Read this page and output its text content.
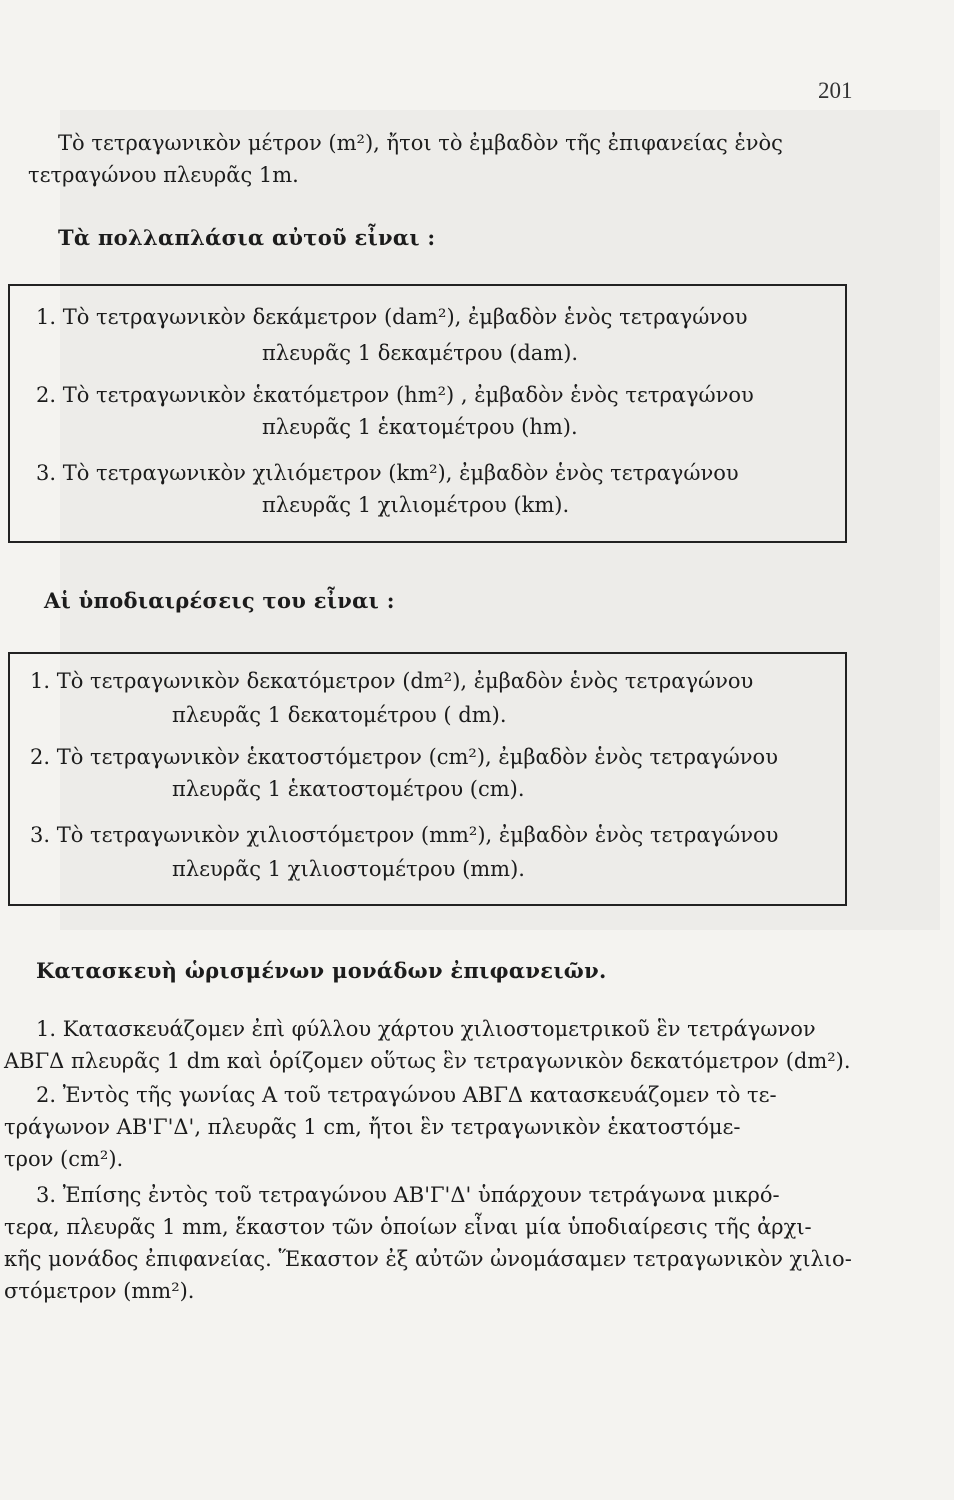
201
Τὸ τετραγωνικὸν μέτρον (m²), ἤτοι τὸ ἐμβαδὸν τῆς ἐπιφανείας ἑνὸς
τετραγώνου πλευρᾶς 1m.
Τὰ πολλαπλάσια αὐτοῦ εἶναι :
1. Τὸ τετραγωνικὸν δεκάμετρον (dam²), ἐμβαδὸν ἑνὸς τετραγώνου
πλευρᾶς 1 δεκαμέτρου (dam).
2. Τὸ τετραγωνικὸν ἑκατόμετρον (hm²) , ἐμβαδὸν ἑνὸς τετραγώνου
πλευρᾶς 1 ἑκατομέτρου (hm).
3. Τὸ τετραγωνικὸν χιλιόμετρον (km²), ἐμβαδὸν ἑνὸς τετραγώνου
πλευρᾶς 1 χιλιομέτρου (km).
Αἱ ὑποδιαιρέσεις του εἶναι :
1. Τὸ τετραγωνικὸν δεκατόμετρον (dm²), ἐμβαδὸν ἑνὸς τετραγώνου
πλευρᾶς 1 δεκατομέτρου ( dm).
2. Τὸ τετραγωνικὸν ἑκατοστόμετρον (cm²), ἐμβαδὸν ἑνὸς τετραγώνου
πλευρᾶς 1 ἑκατοστομέτρου (cm).
3. Τὸ τετραγωνικὸν χιλιοστόμετρον (mm²), ἐμβαδὸν ἑνὸς τετραγώνου
πλευρᾶς 1 χιλιοστομέτρου (mm).
Κατασκευὴ ὡρισμένων μονάδων ἐπιφανειῶν.
1. Κατασκευάζομεν ἐπὶ φύλλου χάρτου χιλιοστομετρικοῦ ἓν τετράγωνον
ΑΒΓΔ πλευρᾶς 1 dm καὶ ὁρίζομεν οὕτως ἓν τετραγωνικὸν δεκατόμετρον (dm²).
2. Ἐντὸς τῆς γωνίας Α τοῦ τετραγώνου ΑΒΓΔ κατασκευάζομεν τὸ τε-
τράγωνον ΑΒ'Γ'Δ', πλευρᾶς 1 cm, ἤτοι ἓν τετραγωνικὸν ἑκατοστόμε-
τρον (cm²).
3. Ἐπίσης ἐντὸς τοῦ τετραγώνου ΑΒ'Γ'Δ' ὑπάρχουν τετράγωνα μικρό-
τερα, πλευρᾶς 1 mm, ἕκαστον τῶν ὁποίων εἶναι μία ὑποδιαίρεσις τῆς ἀρχι-
κῆς μονάδος ἐπιφανείας. Ἕκαστον ἐξ αὐτῶν ὠνομάσαμεν τετραγωνικὸν χιλιο-
στόμετρον (mm²).
